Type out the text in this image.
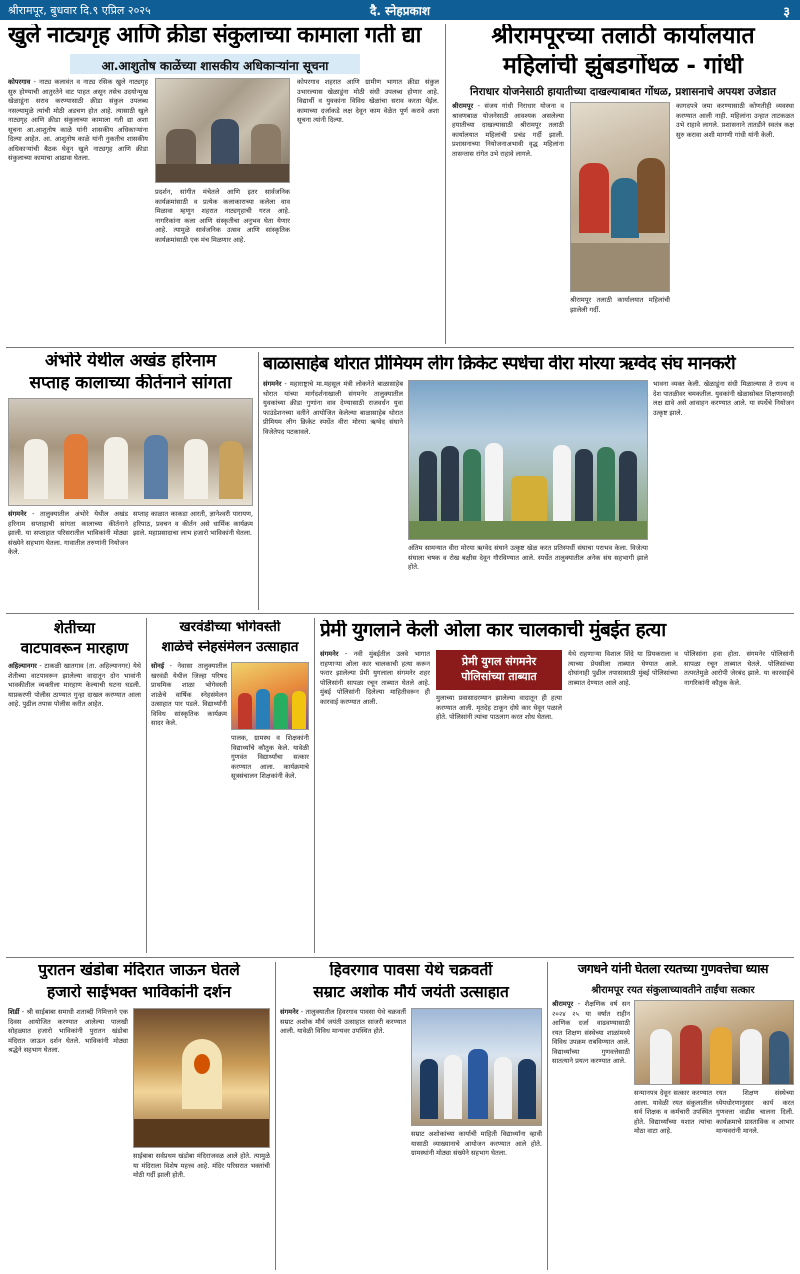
श्रीरामपूर, बुधवार दि.९ एप्रिल २०२५	दै. स्नेहप्रकाश	३
खुले नाट्यगृह आणि क्रीडा संकुलाच्या कामाला गती द्या
आ.आशुतोष काळेंच्या शासकीय अधिकाऱ्यांना सूचना
कोपरगाव - नाट्य कलावंत व नाट्य रसिक खुले नाट्यगृह सुरु होण्याची आतुरतेने वाट पाहत असून तसेच उदयोन्मुख खेळाडूंना सराव करण्यासाठी क्रीडा संकुल उपलब्ध नसल्यामुळे त्यांची मोठी अडचण होत आहे. त्यासाठी खुले नाट्यगृह आणि क्रीडा संकुलाच्या कामाला गती द्या अशा सूचना आ.आशुतोष काळे यांनी शासकीय अधिकाऱ्यांना दिल्या आहेत. आ. आशुतोष काळे यांनी नुकतीच शासकीय अधिकाऱ्यांची बैठक घेवून खुले नाट्यगृह आणि क्रीडा संकुलाच्या कामाचा आढावा घेतला.
प्रदर्शन, सांगीत मंचेतले आणि इतर सार्वजनिक कार्यक्रमांसाठी व प्रत्येक कलाकाराच्या कलेला वाव मिळावा म्हणून शहरात नाट्यगृहाची गरज आहे. नागरिकांना कला आणि संस्कृतीचा अनुभव घेता येणार आहे. त्यामुळे सार्वजनिक उत्सव आणि सांस्कृतिक कार्यक्रमांसाठी एक मंच मिळणार आहे.
कोपरगाव शहरात आणि ग्रामीण भागात क्रीडा संकुल उभारल्यास खेळाडूंना मोठी संधी उपलब्ध होणार आहे. विद्यार्थी व युवकांना विविध खेळांचा सराव करता येईल. कामाच्या दर्जाकडे लक्ष देवून काम वेळेत पूर्ण करावे अशा सूचना त्यांनी दिल्या.
श्रीरामपूरच्या तलाठी कार्यालयात
महिलांची झुंबडगोंधळ - गांधी
निराधार योजनेसाठी हायातीच्या दाखल्याबाबत गोंधळ, प्रशासनाचे अपयश उजेडात
श्रीरामपूर - संजय गांधी निराधार योजना व श्रावणबाळ योजनेसाठी आवश्यक असलेल्या हयातीच्या दाखल्यासाठी श्रीरामपूर तलाठी कार्यालयात महिलांची प्रचंड गर्दी झाली. प्रशासनाच्या नियोजनाअभावी वृद्ध महिलांना तासन्तास रांगेत उभे राहावे लागले.
श्रीरामपूर तलाठी कार्यालयात महिलांची झालेली गर्दी.
कागदपत्रे जमा करण्यासाठी कोणतीही व्यवस्था करण्यात आली नाही. महिलांना उन्हात ताटकळत उभे राहावे लागले. प्रशासनाने तातडीने स्वतंत्र कक्ष सुरु करावा अशी मागणी गांधी यांनी केली.
अंभोरे येथील अखंड हरिनाम
सप्ताह कालाच्या कीर्तनाने सांगता
संगमनेर - तालुक्यातील अंभोरे येथील अखंड हरिनाम सप्ताहाची सांगता कालाच्या कीर्तनाने झाली. या सप्ताहात परिसरातील भाविकांनी मोठ्या संख्येने सहभाग घेतला. गावातील तरुणांनी नियोजन केले.
सप्ताह काळात काकडा आरती, ज्ञानेश्वरी पारायण, हरिपाठ, प्रवचन व कीर्तन असे धार्मिक कार्यक्रम झाले. महाप्रसादाचा लाभ हजारो भाविकांनी घेतला.
बाळासाहेब थोरात प्रीमियम लीग क्रिकेट स्पर्धेचा वीरा मोरया ऋग्वेद संघ मानकरी
संगमनेर - महाराष्ट्राचे मा.महसूल मंत्री लोकनेते बाळासाहेब थोरात यांच्या मार्गदर्शनाखाली संगमनेर तालुक्यातील युवकांच्या क्रीडा गुणांना वाव देण्यासाठी राजवर्धन युवा फाउंडेशनच्या वतीने आयोजित केलेल्या बाळासाहेब थोरात प्रीमियम लीग क्रिकेट स्पर्धेत वीरा मोरया ऋग्वेद संघाने विजेतेपद पटकावले.
अंतिम सामन्यात वीरा मोरया ऋग्वेद संघाने उत्कृष्ट खेळ करत प्रतिस्पर्धी संघाचा पराभव केला. विजेत्या संघाला चषक व रोख बक्षीस देवून गौरविण्यात आले. स्पर्धेत तालुक्यातील अनेक संघ सहभागी झाले होते.
भावना व्यक्त केली. खेळाडूंना संधी मिळाल्यास ते राज्य व देश पातळीवर चमकतील. युवकांनी खेळासोबत शिक्षणावरही लक्ष द्यावे असे आवाहन करण्यात आले. या स्पर्धेचे नियोजन उत्कृष्ट झाले.
शेतीच्या
वाटपावरून मारहाण
अहिल्यानगर - टाकळी खातगाव (ता. अहिल्यानगर) येथे शेतीच्या वाटपावरून झालेल्या वादातून दोन भावांनी भावकीतील व्यक्तीला मारहाण केल्याची घटना घडली. याप्रकरणी पोलीस ठाण्यात गुन्हा दाखल करण्यात आला आहे. पुढील तपास पोलीस करीत आहेत.
खरवंडीच्या भोगेवस्ती
शाळेचे स्नेहसंमेलन उत्साहात
सोनई - नेवासा तालुक्यातील खरवंडी येथील जिल्हा परिषद प्राथमिक शाळा भोगेवस्ती शाळेचे वार्षिक स्नेहसंमेलन उत्साहात पार पडले. विद्यार्थ्यांनी विविध सांस्कृतिक कार्यक्रम सादर केले.
पालक, ग्रामस्थ व शिक्षकांनी विद्यार्थ्यांचे कौतुक केले. यावेळी गुणवंत विद्यार्थ्यांचा सत्कार करण्यात आला. कार्यक्रमाचे सूत्रसंचालन शिक्षकांनी केले.
प्रेमी युगलाने केली ओला कार चालकाची मुंबईत हत्या
संगमनेर - नवी मुंबईतील उलवे भागात राहणाऱ्या ओला कार चालकाची हत्या करून फरार झालेल्या प्रेमी युगलाला संगमनेर शहर पोलिसांनी सापळा रचून ताब्यात घेतले आहे. मुंबई पोलिसांनी दिलेल्या माहितीवरून ही कारवाई करण्यात आली.
प्रेमी युगल संगमनेर
पोलिसांच्या ताब्यात
मुलाच्या प्रवासादरम्यान झालेल्या वादातून ही हत्या करण्यात आली. मृतदेह टाकून दोघे कार घेवून पळाले होते. पोलिसांनी त्यांचा पाठलाग करत शोध घेतला.
येथे राहणाऱ्या विशाल शिंदे या प्रियकराला व त्याच्या प्रेयसीला ताब्यात घेण्यात आले. दोघांनाही पुढील तपासासाठी मुंबई पोलिसांच्या ताब्यात देण्यात आले आहे.
पोलिसांना हवा होता. संगमनेर पोलिसांनी सापळा रचून ताब्यात घेतले. पोलिसांच्या तत्परतेमुळे आरोपी जेरबंद झाले. या कारवाईचे नागरिकांनी कौतुक केले.
पुरातन खंडोबा मंदिरात जाऊन घेतले
हजारो साईभक्त भाविकांनी दर्शन
शिर्डी - श्री साईबाबा समाधी शताब्दी निमित्ताने एक दिवस आयोजित करण्यात आलेल्या पालखी सोहळ्यात हजारो भाविकांनी पुरातन खंडोबा मंदिरात जाऊन दर्शन घेतले. भाविकांनी मोठ्या श्रद्धेने सहभाग घेतला.
साईबाबा सर्वप्रथम खंडोबा मंदिराजवळ आले होते. त्यामुळे या मंदिराला विशेष महत्त्व आहे. मंदिर परिसरात भक्तांची मोठी गर्दी झाली होती.
हिवरगाव पावसा येथे चक्रवर्ती
सम्राट अशोक मौर्य जयंती उत्साहात
संगमनेर - तालुक्यातील हिवरगाव पावसा येथे चक्रवर्ती सम्राट अशोक मौर्य जयंती उत्साहात साजरी करण्यात आली. यावेळी विविध मान्यवर उपस्थित होते.
सम्राट अशोकांच्या कार्याची माहिती विद्यार्थ्यांना व्हावी यासाठी व्याख्यानाचे आयोजन करण्यात आले होते. ग्रामस्थांनी मोठ्या संख्येने सहभाग घेतला.
जगधने यांनी घेतला रयतच्या गुणवत्तेचा ध्यास
श्रीरामपूर रयत संकुलाच्यावतीने ताईंचा सत्कार
श्रीरामपूर - शैक्षणिक वर्ष सन २०२४ २५ या वर्षात राहीन आणिक दर्जा वाढवण्यासाठी रयत शिक्षण संस्थेच्या शाळांमध्ये विविध उपक्रम राबविण्यात आले. विद्यार्थ्यांच्या गुणवत्तेसाठी सातत्याने प्रयत्न करण्यात आले.
सन्मानपत्र देवून सत्कार करण्यात आला. यावेळी रयत संकुलातील सर्व शिक्षक व कर्मचारी उपस्थित होते. विद्यार्थ्यांच्या यशात त्यांचा मोठा वाटा आहे.
रयत शिक्षण संस्थेच्या ध्येयधोरणानुसार कार्य करत गुणवत्ता वाढीस चालना दिली. कार्यक्रमाचे प्रास्ताविक व आभार मान्यवरांनी मानले.
